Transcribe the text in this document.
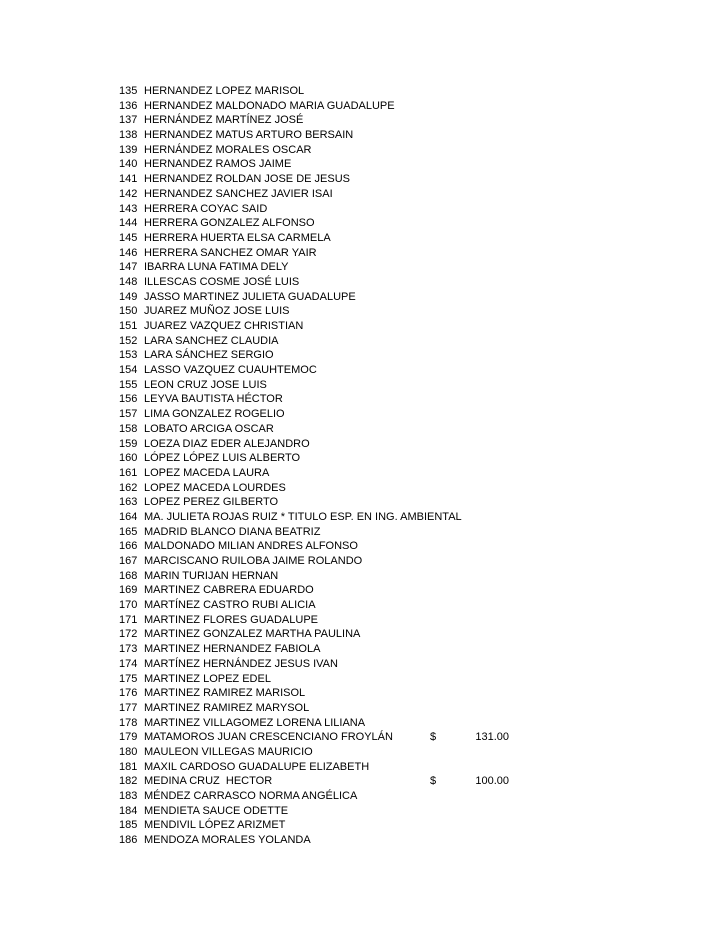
135 HERNANDEZ LOPEZ MARISOL
136 HERNANDEZ MALDONADO MARIA GUADALUPE
137 HERNÁNDEZ MARTÍNEZ JOSÉ
138 HERNANDEZ MATUS ARTURO BERSAIN
139 HERNÁNDEZ MORALES OSCAR
140 HERNANDEZ RAMOS JAIME
141 HERNANDEZ ROLDAN JOSE DE JESUS
142 HERNANDEZ SANCHEZ JAVIER ISAI
143 HERRERA COYAC SAID
144 HERRERA GONZALEZ ALFONSO
145 HERRERA HUERTA ELSA CARMELA
146 HERRERA SANCHEZ OMAR YAIR
147 IBARRA LUNA FATIMA DELY
148 ILLESCAS COSME JOSÉ LUIS
149 JASSO MARTINEZ JULIETA GUADALUPE
150 JUAREZ MUÑOZ JOSE LUIS
151 JUAREZ VAZQUEZ CHRISTIAN
152 LARA SANCHEZ CLAUDIA
153 LARA SÁNCHEZ SERGIO
154 LASSO VAZQUEZ CUAUHTEMOC
155 LEON CRUZ JOSE LUIS
156 LEYVA BAUTISTA HÉCTOR
157 LIMA GONZALEZ ROGELIO
158 LOBATO ARCIGA OSCAR
159 LOEZA DIAZ EDER ALEJANDRO
160 LÓPEZ LÓPEZ LUIS ALBERTO
161 LOPEZ MACEDA LAURA
162 LOPEZ MACEDA LOURDES
163 LOPEZ PEREZ GILBERTO
164 MA. JULIETA ROJAS RUIZ * TITULO ESP. EN ING. AMBIENTAL
165 MADRID BLANCO DIANA BEATRIZ
166 MALDONADO MILIAN ANDRES ALFONSO
167 MARCISCANO RUILOBA JAIME ROLANDO
168 MARIN TURIJAN HERNAN
169 MARTINEZ CABRERA EDUARDO
170 MARTÍNEZ CASTRO RUBI ALICIA
171 MARTINEZ FLORES GUADALUPE
172 MARTINEZ GONZALEZ MARTHA PAULINA
173 MARTINEZ HERNANDEZ FABIOLA
174 MARTÍNEZ HERNÁNDEZ JESUS IVAN
175 MARTINEZ LOPEZ EDEL
176 MARTINEZ RAMIREZ MARISOL
177 MARTINEZ RAMIREZ MARYSOL
178 MARTINEZ VILLAGOMEZ LORENA LILIANA
179 MATAMOROS JUAN CRESCENCIANO FROYLÁN	$	131.00
180 MAULEON VILLEGAS MAURICIO
181 MAXIL CARDOSO GUADALUPE ELIZABETH
182 MEDINA CRUZ  HECTOR	$	100.00
183 MÉNDEZ CARRASCO NORMA ANGÉLICA
184 MENDIETA SAUCE ODETTE
185 MENDIVIL LÓPEZ ARIZMET
186 MENDOZA MORALES YOLANDA
